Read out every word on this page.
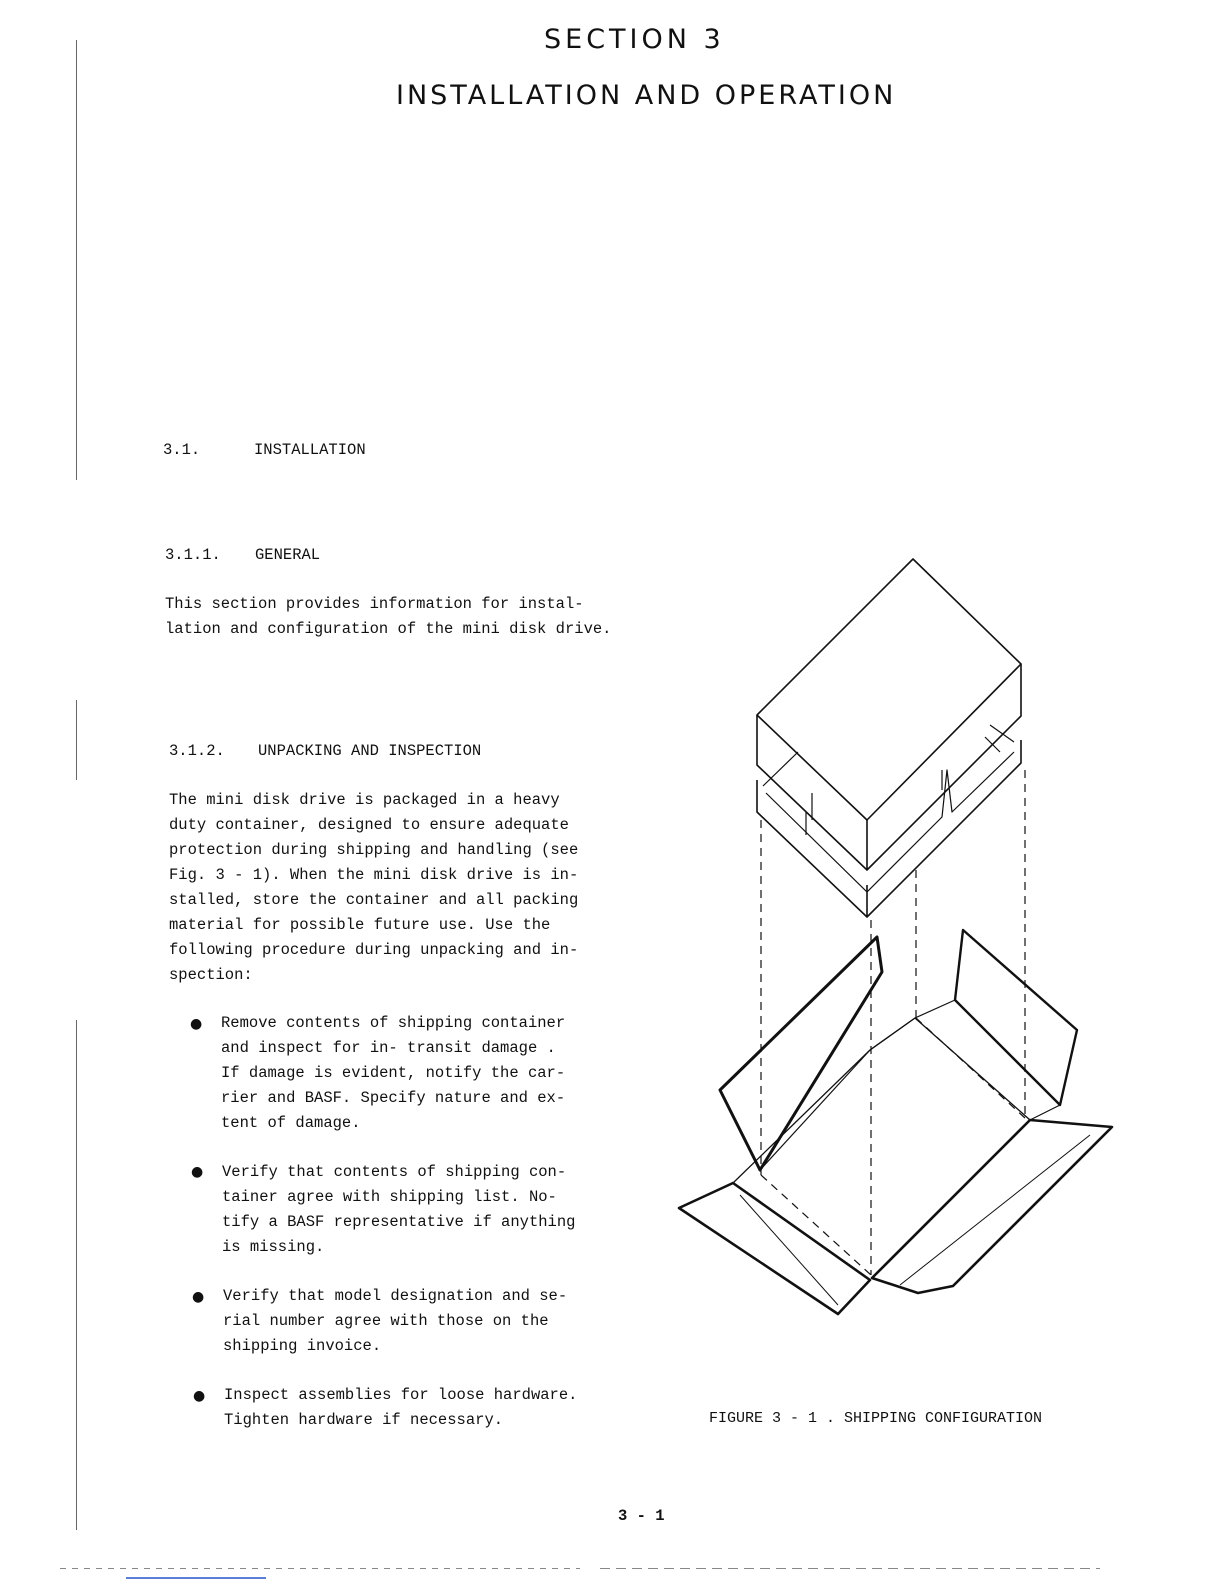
SECTION 3
INSTALLATION AND OPERATION
3.1.	INSTALLATION
3.1.1. GENERAL
This section provides information for instal-
lation and configuration of the mini disk drive.
3.1.2. UNPACKING AND INSPECTION
The mini disk drive is packaged in a heavy
duty container, designed to ensure adequate
protection during shipping and handling (see
Fig. 3 - 1). When the mini disk drive is in-
stalled, store the container and all packing
material for possible future use. Use the
following procedure during unpacking and in-
spection:
● Remove contents of shipping container
and inspect for in- transit damage .
If damage is evident, notify the car-
rier and BASF. Specify nature and ex-
tent of damage.
● Verify that contents of shipping con-
tainer agree with shipping list. No-
tify a BASF representative if anything
is missing.
● Verify that model designation and se-
rial number agree with those on the
shipping invoice.
● Inspect assemblies for loose hardware.
Tighten hardware if necessary.	FIGURE 3 - 1 . SHIPPING CONFIGURATION
3 - 1
